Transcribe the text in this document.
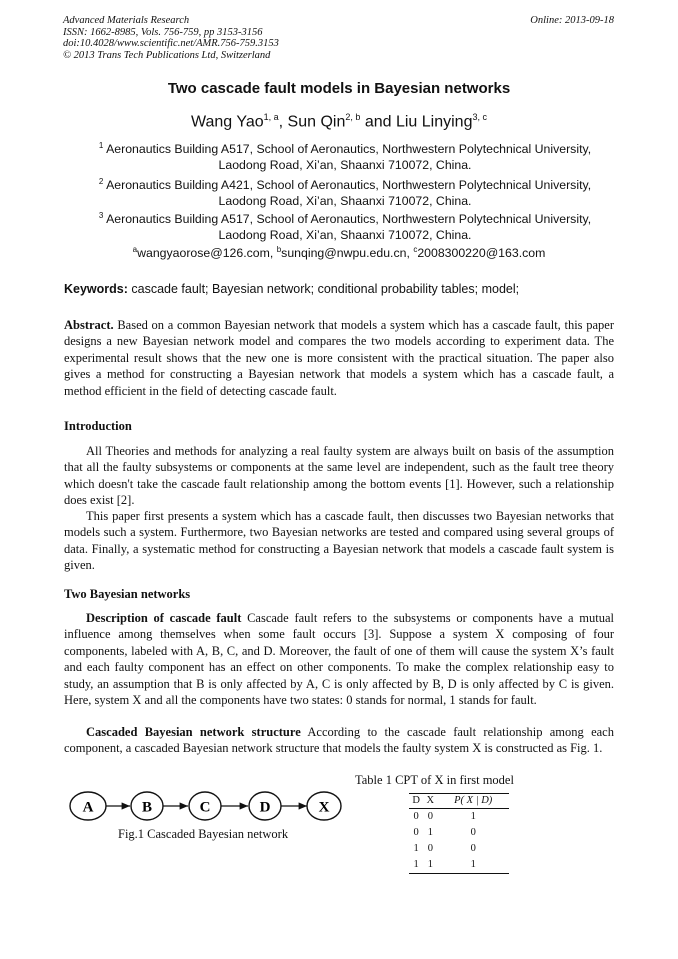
Advanced Materials Research
ISSN: 1662-8985, Vols. 756-759, pp 3153-3156
doi:10.4028/www.scientific.net/AMR.756-759.3153
© 2013 Trans Tech Publications Ltd, Switzerland
Online: 2013-09-18
Two cascade fault models in Bayesian networks
Wang Yao$^{1, a}$, Sun Qin$^{2, b}$ and Liu Linying$^{3, c}$
$^1$ Aeronautics Building A517, School of Aeronautics, Northwestern Polytechnical University,
Laodong Road, Xi’an, Shaanxi 710072, China.
$^2$ Aeronautics Building A421, School of Aeronautics, Northwestern Polytechnical University,
Laodong Road, Xi’an, Shaanxi 710072, China.
$^3$ Aeronautics Building A517, School of Aeronautics, Northwestern Polytechnical University,
Laodong Road, Xi’an, Shaanxi 710072, China.
$^a$wangyaorose@126.com, $^b$sunqing@nwpu.edu.cn, $^c$2008300220@163.com
Keywords: cascade fault; Bayesian network; conditional probability tables; model;
Abstract. Based on a common Bayesian network that models a system which has a cascade fault, this paper designs a new Bayesian network model and compares the two models according to experiment data. The experimental result shows that the new one is more consistent with the practical situation. The paper also gives a method for constructing a Bayesian network that models a system which has a cascade fault, a method efficient in the field of detecting cascade fault.
Introduction
All Theories and methods for analyzing a real faulty system are always built on basis of the assumption that all the faulty subsystems or components at the same level are independent, such as the fault tree theory which doesn't take the cascade fault relationship among the bottom events [1]. However, such a relationship does exist [2].
This paper first presents a system which has a cascade fault, then discusses two Bayesian networks that models such a system. Furthermore, two Bayesian networks are tested and compared using several groups of data. Finally, a systematic method for constructing a Bayesian network that models a cascade fault system is given.
Two Bayesian networks
Description of cascade fault Cascade fault refers to the subsystems or components have a mutual influence among themselves when some fault occurs [3]. Suppose a system X composing of four components, labeled with A, B, C, and D. Moreover, the fault of one of them will cause the system X’s fault and each faulty component has an effect on other components. To make the complex relationship easy to study, an assumption that B is only affected by A, C is only affected by B, D is only affected by C is given. Here, system X and all the components have two states: 0 stands for normal, 1 stands for fault.
Cascaded Bayesian network structure According to the cascade fault relationship among each component, a cascaded Bayesian network structure that models the faulty system X is constructed as Fig. 1.
A	B	C	D	X
Fig.1 Cascaded Bayesian network
Table 1 CPT of X in first model
D	X	P( X | D)
0	0	1
0	1	0
1	0	0
1	1	1
